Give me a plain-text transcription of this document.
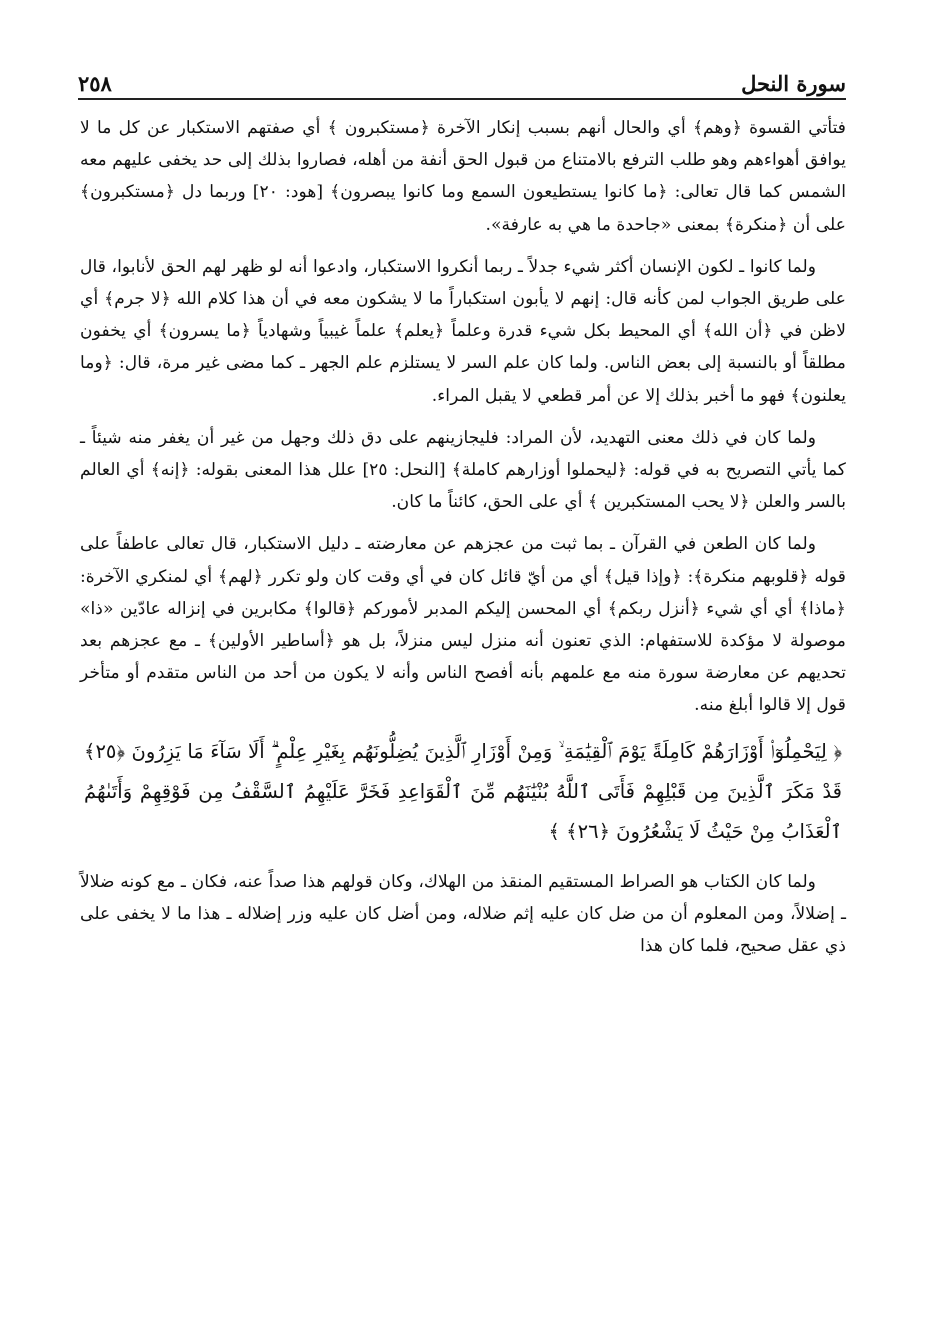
٢٥٨	سورة النحل

فتأتي القسوة ﴿وهم﴾ أي والحال أنهم بسبب إنكار الآخرة ﴿مستكبرون ﴾ أي صفتهم الاستكبار عن كل ما لا يوافق أهواءهم وهو طلب الترفع بالامتناع من قبول الحق أنفة من أهله، فصاروا بذلك إلى حد يخفى عليهم معه الشمس كما قال تعالى: ﴿ما كانوا يستطيعون السمع وما كانوا يبصرون﴾ [هود: ٢٠] وربما دل ﴿مستكبرون﴾ على أن ﴿منكرة﴾ بمعنى «جاحدة ما هي به عارفة».

ولما كانوا ـ لكون الإنسان أكثر شيء جدلاً ـ ربما أنكروا الاستكبار، وادعوا أنه لو ظهر لهم الحق لأنابوا، قال على طريق الجواب لمن كأنه قال: إنهم لا يأبون استكباراً ما لا يشكون معه في أن هذا كلام الله ﴿لا جرم﴾ أي لاظن في ﴿أن الله﴾ أي المحيط بكل شيء قدرة وعلماً ﴿يعلم﴾ علماً غيبياً وشهادياً ﴿ما يسرون﴾ أي يخفون مطلقاً أو بالنسبة إلى بعض الناس. ولما كان علم السر لا يستلزم علم الجهر ـ كما مضى غير مرة، قال: ﴿وما يعلنون﴾ فهو ما أخبر بذلك إلا عن أمر قطعي لا يقبل المراء.

ولما كان في ذلك معنى التهديد، لأن المراد: فليجازينهم على دق ذلك وجهل من غير أن يغفر منه شيئاً ـ كما يأتي التصريح به في قوله: ﴿ليحملوا أوزارهم كاملة﴾ [النحل: ٢٥] علل هذا المعنى بقوله: ﴿إنه﴾ أي العالم بالسر والعلن ﴿لا يحب المستكبرين ﴾ أي على الحق، كائناً ما كان.

ولما كان الطعن في القرآن ـ بما ثبت من عجزهم عن معارضته ـ دليل الاستكبار، قال تعالى عاطفاً على قوله ﴿قلوبهم منكرة﴾: ﴿وإذا قيل﴾ أي من أيّ قائل كان في أي وقت كان ولو تكرر ﴿لهم﴾ أي لمنكري الآخرة: ﴿ماذا﴾ أي أي شيء ﴿أنزل ربكم﴾ أي المحسن إليكم المدبر لأموركم ﴿قالوا﴾ مكابرين في إنزاله عادّين «ذا» موصولة لا مؤكدة للاستفهام: الذي تعنون أنه منزل ليس منزلاً، بل هو ﴿أساطير الأولين﴾ ـ مع عجزهم بعد تحديهم عن معارضة سورة منه مع علمهم بأنه أفصح الناس وأنه لا يكون من أحد من الناس متقدم أو متأخر قول إلا قالوا أبلغ منه.

﴿ لِيَحْمِلُوٓا۟ أَوْزَارَهُمْ كَامِلَةً يَوْمَ ٱلْقِيَٰمَةِ ۙ وَمِنْ أَوْزَارِ ٱلَّذِينَ يُضِلُّونَهُم بِغَيْرِ عِلْمٍ ۗ أَلَا سَآءَ مَا يَزِرُونَ ﴿٢٥﴾ قَدْ مَكَرَ ٱلَّذِينَ مِن قَبْلِهِمْ فَأَتَى ٱللَّهُ بُنْيَٰنَهُم مِّنَ ٱلْقَوَاعِدِ فَخَرَّ عَلَيْهِمُ ٱلسَّقْفُ مِن فَوْقِهِمْ وَأَتَىٰهُمُ ٱلْعَذَابُ مِنْ حَيْثُ لَا يَشْعُرُونَ ﴿٢٦﴾ ﴾

ولما كان الكتاب هو الصراط المستقيم المنقذ من الهلاك، وكان قولهم هذا صداً عنه، فكان ـ مع كونه ضلالاً ـ إضلالاً، ومن المعلوم أن من ضل كان عليه إثم ضلاله، ومن أضل كان عليه وزر إضلاله ـ هذا ما لا يخفى على ذي عقل صحيح، فلما كان هذا
